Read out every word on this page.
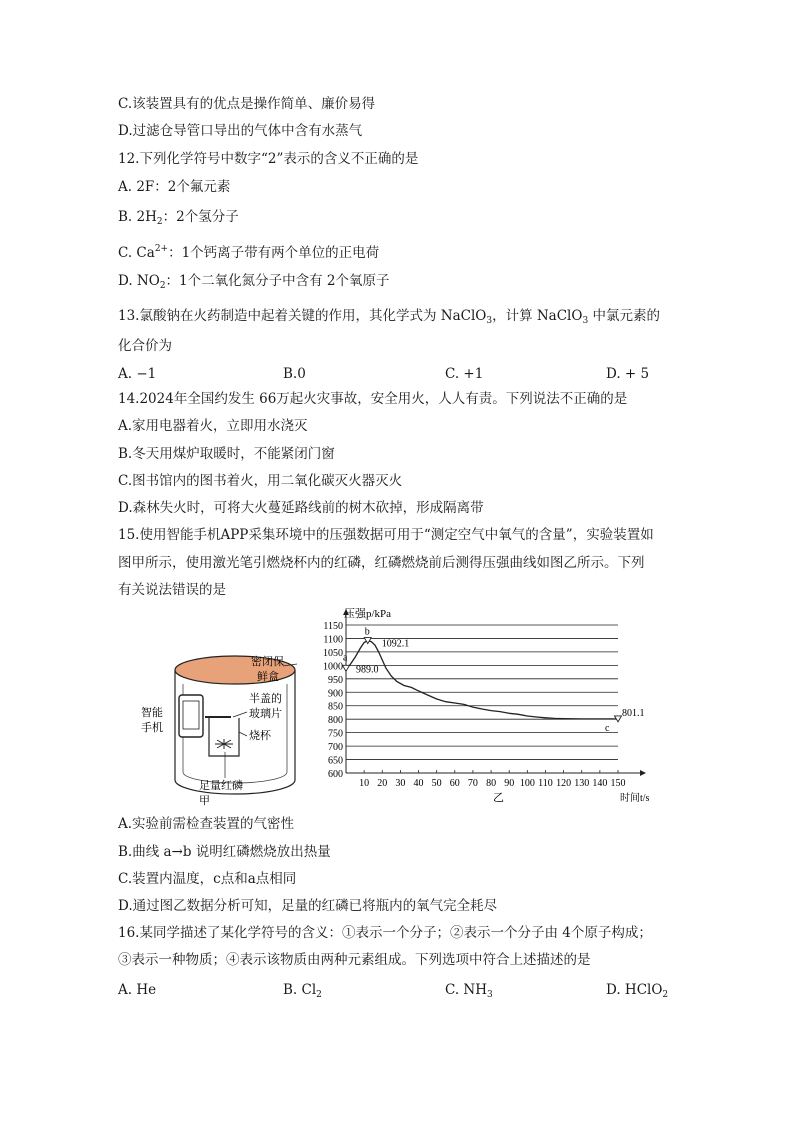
C.该装置具有的优点是操作简单、廉价易得
D.过滤仓导管口导出的气体中含有水蒸气
12.下列化学符号中数字“2”表示的含义不正确的是
A. 2F：2个氟元素
B. $2H_2$：2个氢分子
C. $Ca^{2+}$：1个钙离子带有两个单位的正电荷
D. $NO_2$：1个二氧化氮分子中含有 2个氧原子
13.氯酸钠在火药制造中起着关键的作用，其化学式为 NaClO$_3$，计算 NaClO$_3$ 中氯元素的
化合价为
A. −1	B.0	C. +1	D. + 5
14.2024年全国约发生 66万起火灾事故，安全用火，人人有责。下列说法不正确的是
A.家用电器着火，立即用水浇灭
B.冬天用煤炉取暖时，不能紧闭门窗
C.图书馆内的图书着火，用二氧化碳灭火器灭火
D.森林失火时，可将大火蔓延路线前的树木砍掉，形成隔离带
15.使用智能手机APP采集环境中的压强数据可用于“测定空气中氧气的含量”，实验装置如
图甲所示，使用激光笔引燃烧杯内的红磷，红磷燃烧前后测得压强曲线如图乙所示。下列
有关说法错误的是
密闭保
鲜盒
智能
手机
半盖的
玻璃片
烧杯
足量红磷
甲
600
650
700
750
800
850
900
950
1000
1050
1100
1150
10 20 30 40 50 60 70 80 90 100 110 120 130 140 150
压强p/kPa
时间t/s
乙
a
989.0
b
1092.1
c
801.1
A.实验前需检查装置的气密性
B.曲线 a→b 说明红磷燃烧放出热量
C.装置内温度，c点和a点相同
D.通过图乙数据分析可知，足量的红磷已将瓶内的氧气完全耗尽
16.某同学描述了某化学符号的含义：①表示一个分子；②表示一个分子由 4个原子构成；
③表示一种物质；④表示该物质由两种元素组成。下列选项中符合上述描述的是
A. He	B. $Cl_2$	C. $NH_3$	D. HClO$_2$
